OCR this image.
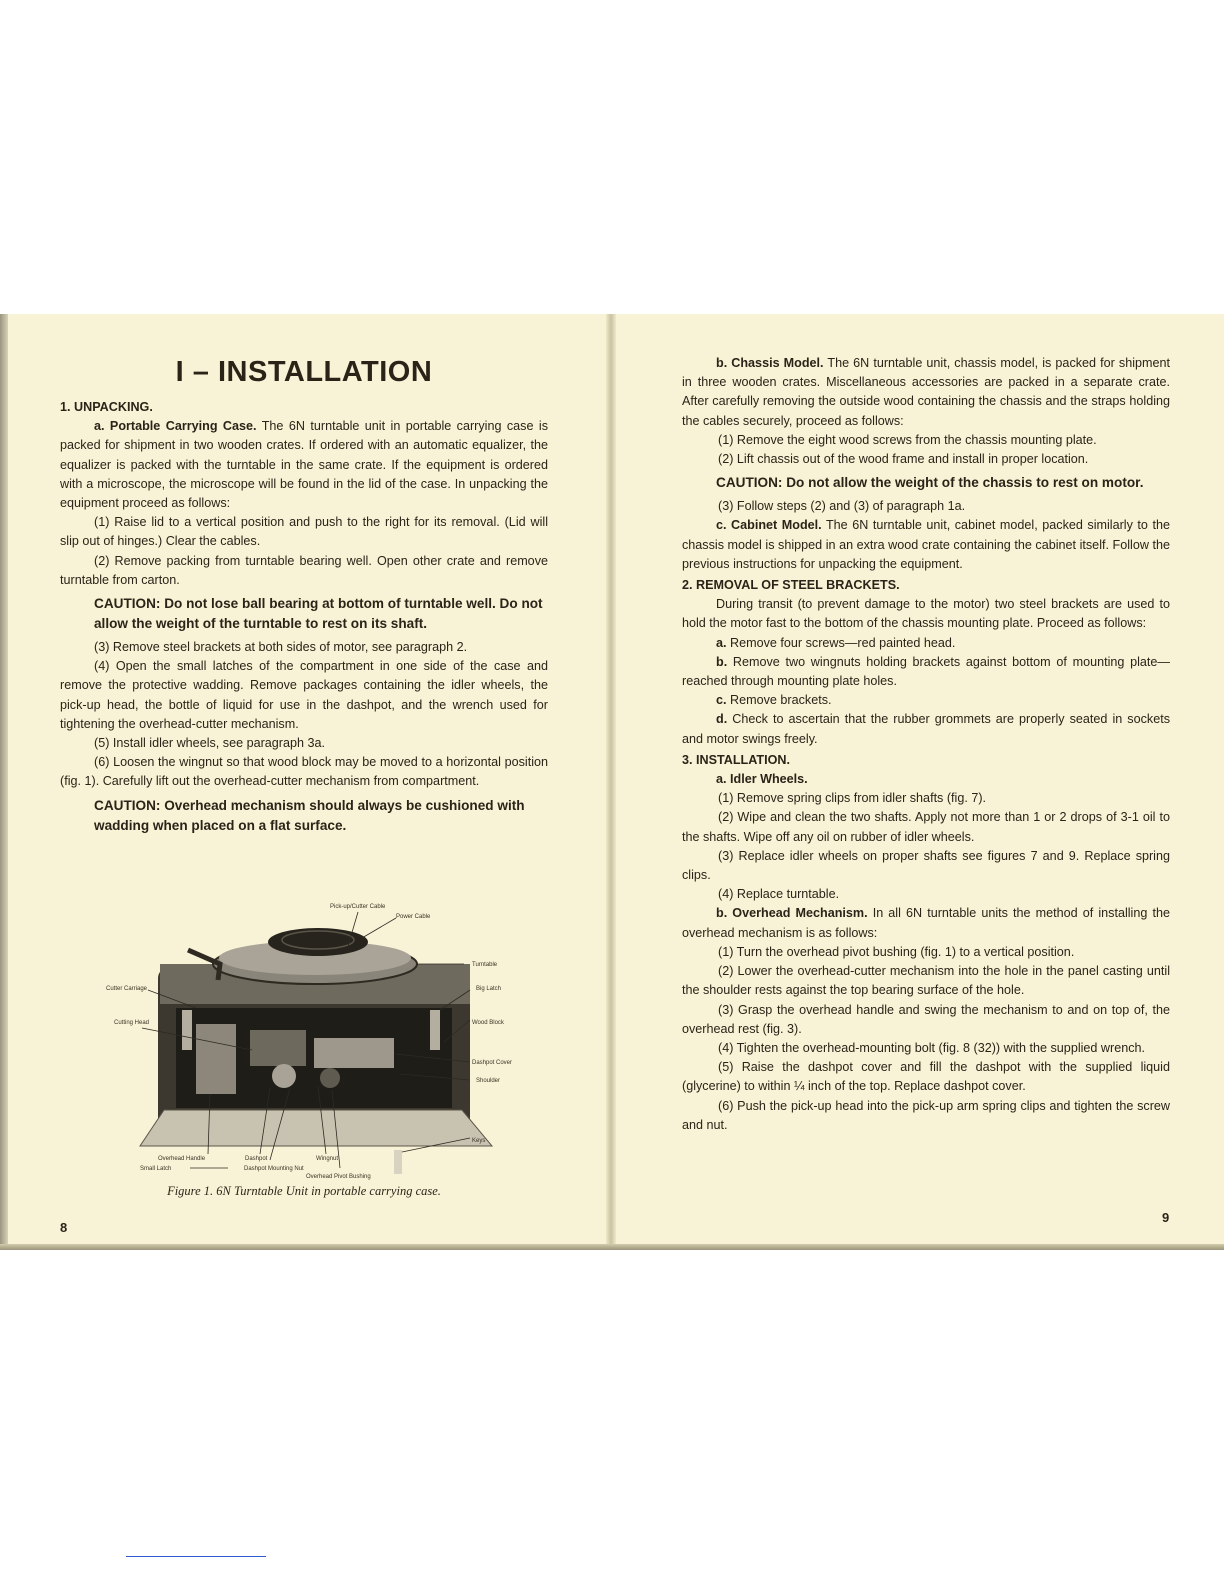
I – INSTALLATION

1. UNPACKING.

a. Portable Carrying Case. The 6N turntable unit in portable carrying case is packed for shipment in two wooden crates. If ordered with an automatic equalizer, the equalizer is packed with the turntable in the same crate. If the equipment is ordered with a microscope, the microscope will be found in the lid of the case. In unpacking the equipment proceed as follows:

(1) Raise lid to a vertical position and push to the right for its removal. (Lid will slip out of hinges.) Clear the cables.

(2) Remove packing from turntable bearing well. Open other crate and remove turntable from carton.

CAUTION: Do not lose ball bearing at bottom of turntable well. Do not allow the weight of the turntable to rest on its shaft.

(3) Remove steel brackets at both sides of motor, see paragraph 2.

(4) Open the small latches of the compartment in one side of the case and remove the protective wadding. Remove packages containing the idler wheels, the pick-up head, the bottle of liquid for use in the dashpot, and the wrench used for tightening the overhead-cutter mechanism.

(5) Install idler wheels, see paragraph 3a.

(6) Loosen the wingnut so that wood block may be moved to a horizontal position (fig. 1). Carefully lift out the overhead-cutter mechanism from compartment.

CAUTION: Overhead mechanism should always be cushioned with wadding when placed on a flat surface.

Pick-up/Cutter Cable
Power Cable
Turntable
Big Latch
Wood Block
Dashpot Cover
Shoulder
Keys
Cutter Carriage
Cutting Head
Overhead Handle
Small Latch
Dashpot
Dashpot Mounting Nut
Wingnut
Overhead Pivot Bushing
Figure 1. 6N Turntable Unit in portable carrying case.
8

b. Chassis Model. The 6N turntable unit, chassis model, is packed for shipment in three wooden crates. Miscellaneous accessories are packed in a separate crate. After carefully removing the outside wood containing the chassis and the straps holding the cables securely, proceed as follows:

(1) Remove the eight wood screws from the chassis mounting plate.

(2) Lift chassis out of the wood frame and install in proper location.

CAUTION: Do not allow the weight of the chassis to rest on motor.

(3) Follow steps (2) and (3) of paragraph 1a.

c. Cabinet Model. The 6N turntable unit, cabinet model, packed similarly to the chassis model is shipped in an extra wood crate containing the cabinet itself. Follow the previous instructions for unpacking the equipment.

2. REMOVAL OF STEEL BRACKETS.

During transit (to prevent damage to the motor) two steel brackets are used to hold the motor fast to the bottom of the chassis mounting plate. Proceed as follows:

a. Remove four screws—red painted head.

b. Remove two wingnuts holding brackets against bottom of mounting plate—reached through mounting plate holes.

c. Remove brackets.

d. Check to ascertain that the rubber grommets are properly seated in sockets and motor swings freely.

3. INSTALLATION.

a. Idler Wheels.

(1) Remove spring clips from idler shafts (fig. 7).

(2) Wipe and clean the two shafts. Apply not more than 1 or 2 drops of 3-1 oil to the shafts. Wipe off any oil on rubber of idler wheels.

(3) Replace idler wheels on proper shafts see figures 7 and 9. Replace spring clips.

(4) Replace turntable.

b. Overhead Mechanism. In all 6N turntable units the method of installing the overhead mechanism is as follows:

(1) Turn the overhead pivot bushing (fig. 1) to a vertical position.

(2) Lower the overhead-cutter mechanism into the hole in the panel casting until the shoulder rests against the top bearing surface of the hole.

(3) Grasp the overhead handle and swing the mechanism to and on top of, the overhead rest (fig. 3).

(4) Tighten the overhead-mounting bolt (fig. 8 (32)) with the supplied wrench.

(5) Raise the dashpot cover and fill the dashpot with the supplied liquid (glycerine) to within ¼ inch of the top. Replace dashpot cover.

(6) Push the pick-up head into the pick-up arm spring clips and tighten the screw and nut.

9
